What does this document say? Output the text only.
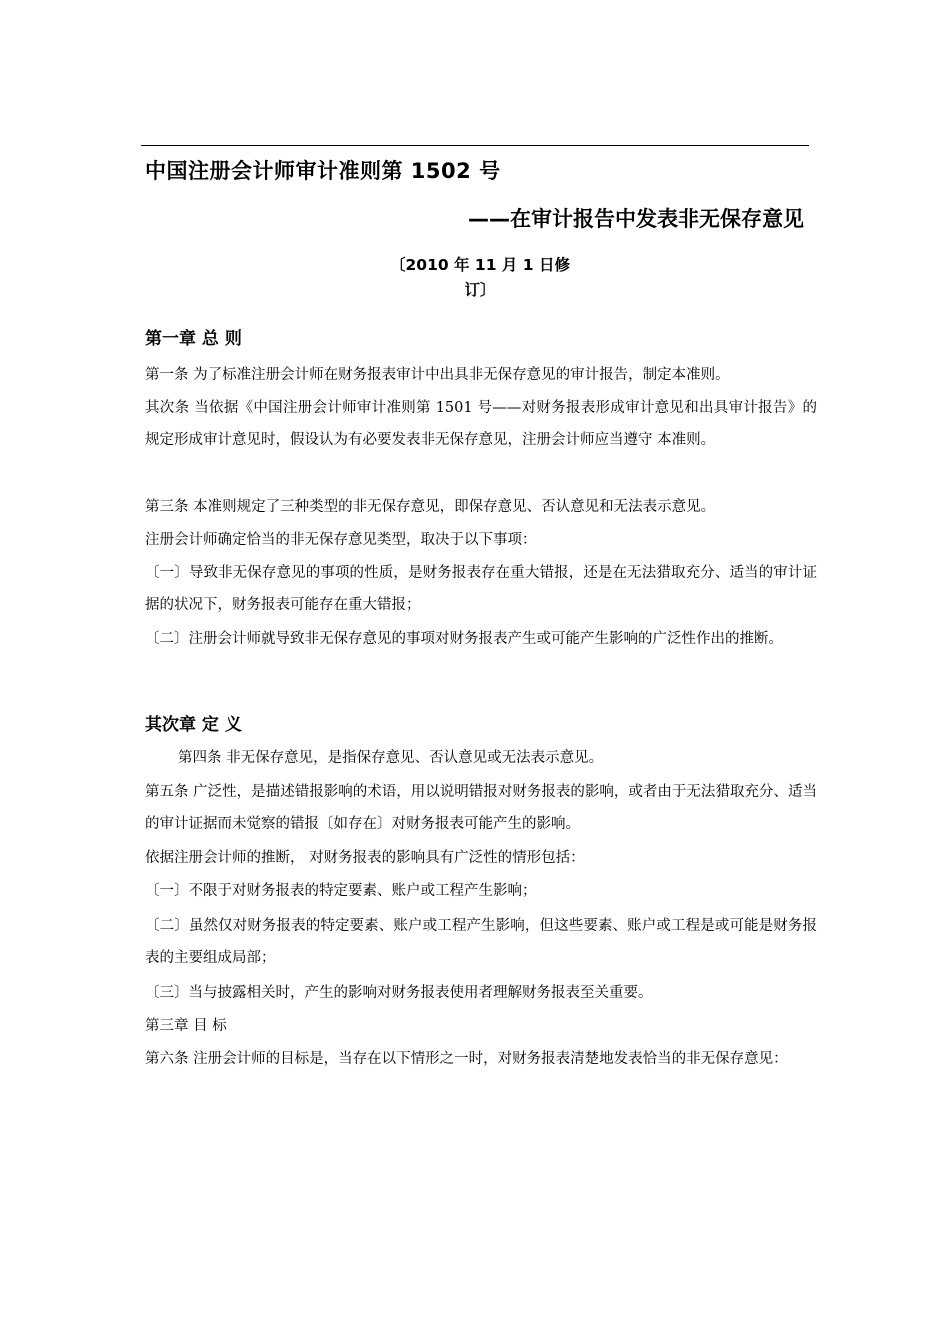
中国注册会计师审计准则第 1502 号
——在审计报告中发表非无保存意见
〔2010 年 11 月 1 日修
订〕
第一章 总 则
第一条 为了标准注册会计师在财务报表审计中出具非无保存意见的审计报告，制定本准则。
其次条 当依据《中国注册会计师审计准则第 1501 号——对财务报表形成审计意见和出具审计报告》的规定形成审计意见时，假设认为有必要发表非无保存意见，注册会计师应当遵守 本准则。
第三条 本准则规定了三种类型的非无保存意见，即保存意见、否认意见和无法表示意见。
注册会计师确定恰当的非无保存意见类型，取决于以下事项：
〔一〕导致非无保存意见的事项的性质，是财务报表存在重大错报，还是在无法猎取充分、适当的审计证据的状况下，财务报表可能存在重大错报；
〔二〕注册会计师就导致非无保存意见的事项对财务报表产生或可能产生影响的广泛性作出的推断。
其次章 定 义
第四条 非无保存意见，是指保存意见、否认意见或无法表示意见。
第五条 广泛性，是描述错报影响的术语，用以说明错报对财务报表的影响，或者由于无法猎取充分、适当的审计证据而未觉察的错报〔如存在〕对财务报表可能产生的影响。
依据注册会计师的推断， 对财务报表的影响具有广泛性的情形包括：
〔一〕不限于对财务报表的特定要素、账户或工程产生影响；
〔二〕虽然仅对财务报表的特定要素、账户或工程产生影响，但这些要素、账户或工程是或可能是财务报表的主要组成局部；
〔三〕当与披露相关时，产生的影响对财务报表使用者理解财务报表至关重要。
第三章 目 标
第六条 注册会计师的目标是，当存在以下情形之一时，对财务报表清楚地发表恰当的非无保存意见：
